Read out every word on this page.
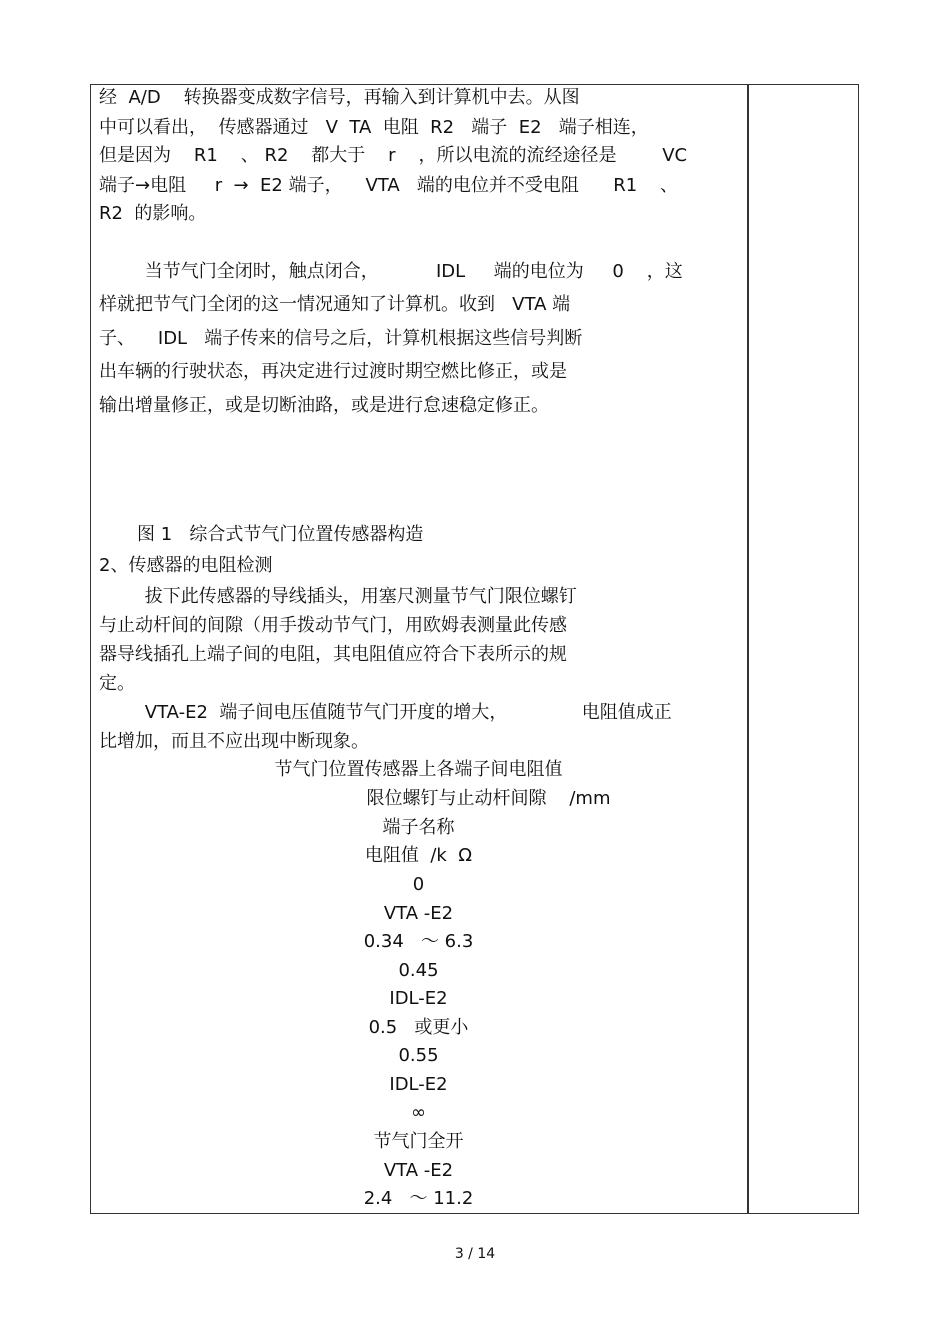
经  A/D    转换器变成数字信号，再输入到计算机中去。从图
中可以看出，  传感器通过   V  TA  电阻  R2   端子  E2   端子相连，
但是因为    R1    、 R2    都大于    r    ，所以电流的流经途径是        VC
端子→电阻     r  →  E2 端子，    VTA   端的电位并不受电阻      R1    、
R2  的影响。
当节气门全闭时，触点闭合，          IDL     端的电位为     0    ，这
样就把节气门全闭的这一情况通知了计算机。收到   VTA 端
子、    IDL   端子传来的信号之后，计算机根据这些信号判断
出车辆的行驶状态，再决定进行过渡时期空燃比修正，或是
输出增量修正，或是切断油路，或是进行怠速稳定修正。
图 1   综合式节气门位置传感器构造
2、传感器的电阻检测
拔下此传感器的导线插头，用塞尺测量节气门限位螺钉
与止动杆间的间隙（用手拨动节气门，用欧姆表测量此传感
器导线插孔上端子间的电阻，其电阻值应符合下表所示的规
定。
VTA-E2  端子间电压值随节气门开度的增大，             电阻值成正
比增加，而且不应出现中断现象。
节气门位置传感器上各端子间电阻值
限位螺钉与止动杆间隙    /mm
端子名称
电阻值  /k  Ω
0
VTA -E2
0.34   ～ 6.3
0.45
IDL-E2
0.5   或更小
0.55
IDL-E2
∞
节气门全开
VTA -E2
2.4   ～ 11.2
3 / 14
